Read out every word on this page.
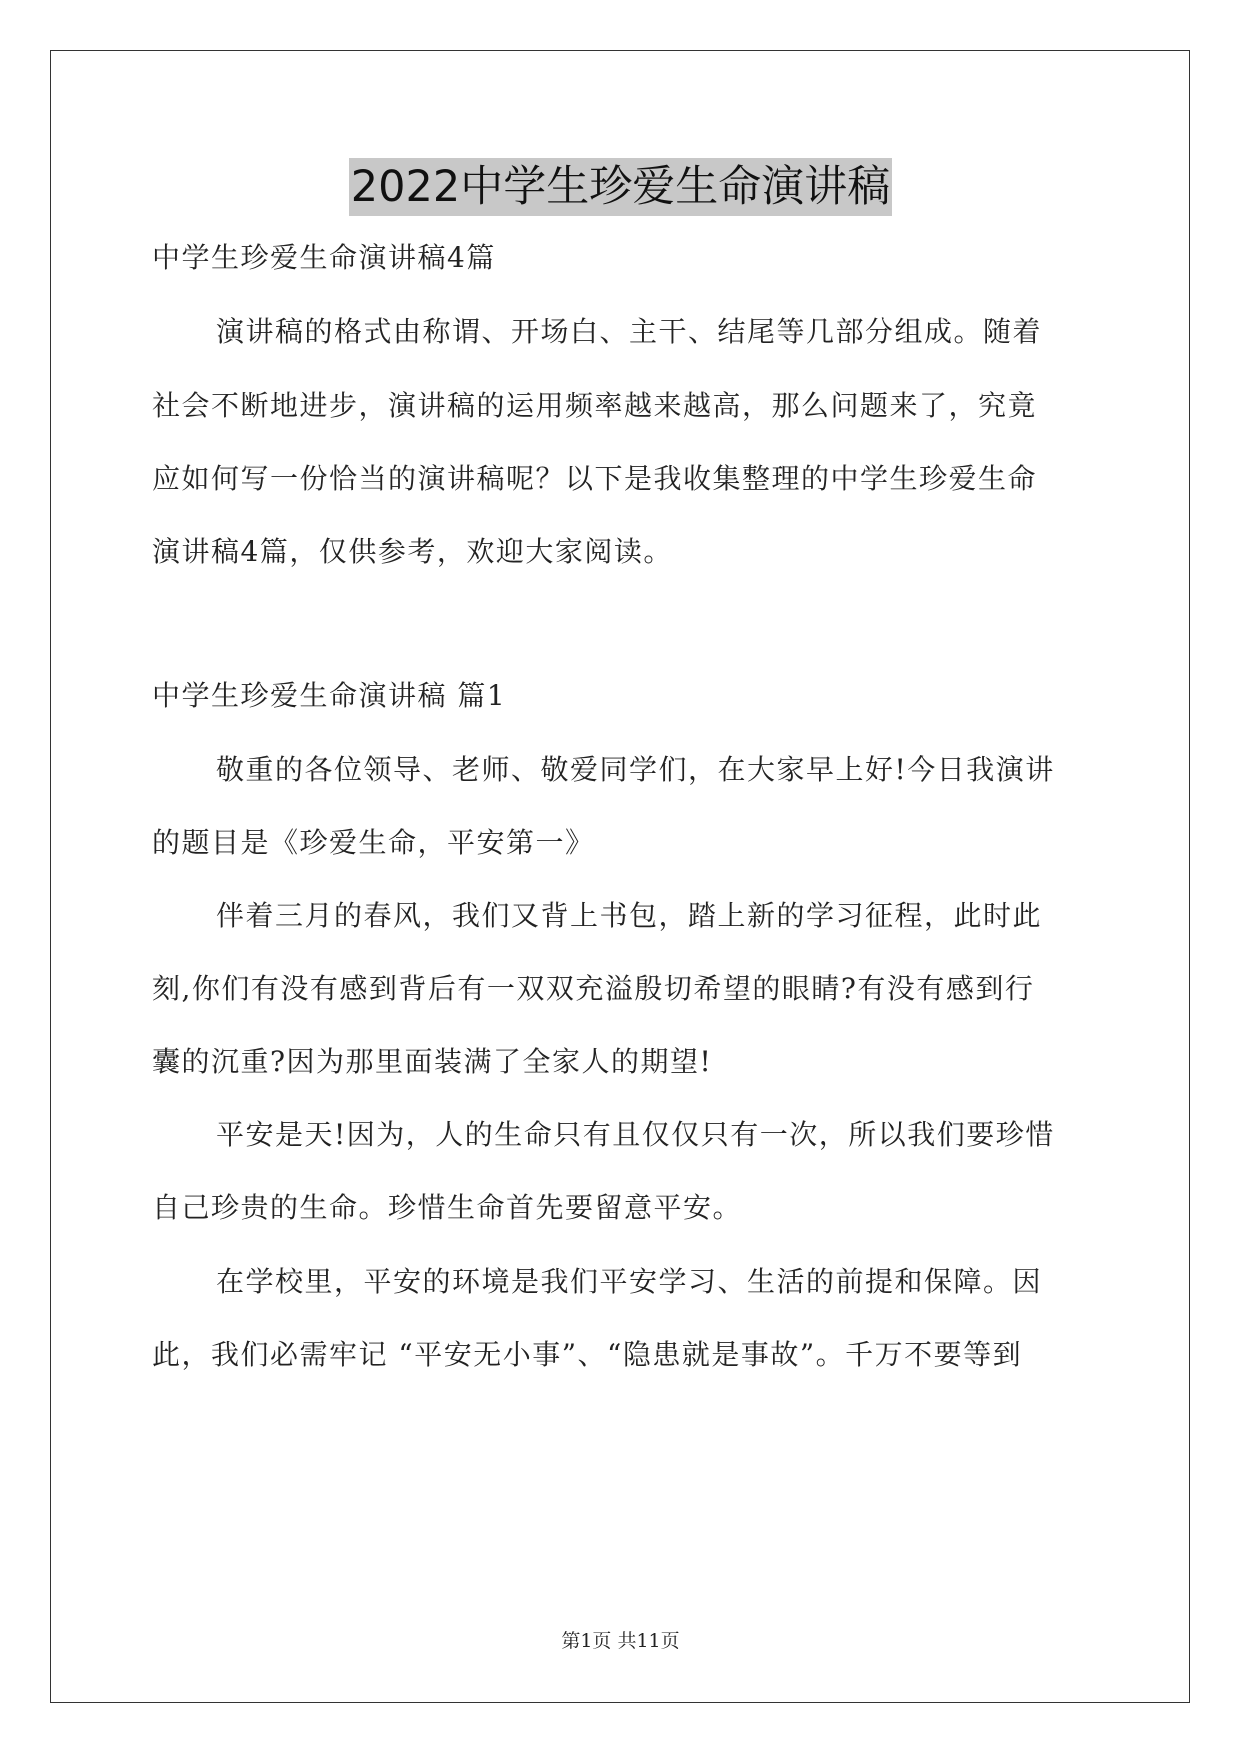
2022中学生珍爱生命演讲稿
中学生珍爱生命演讲稿4篇
演讲稿的格式由称谓、开场白、主干、结尾等几部分组成。随着
社会不断地进步，演讲稿的运用频率越来越高，那么问题来了，究竟
应如何写一份恰当的演讲稿呢？以下是我收集整理的中学生珍爱生命
演讲稿4篇，仅供参考，欢迎大家阅读。
中学生珍爱生命演讲稿 篇1
敬重的各位领导、老师、敬爱同学们，在大家早上好!今日我演讲
的题目是《珍爱生命，平安第一》
伴着三月的春风，我们又背上书包，踏上新的学习征程，此时此
刻,你们有没有感到背后有一双双充溢殷切希望的眼睛?有没有感到行
囊的沉重?因为那里面装满了全家人的期望!
平安是天!因为，人的生命只有且仅仅只有一次，所以我们要珍惜
自己珍贵的生命。珍惜生命首先要留意平安。
在学校里，平安的环境是我们平安学习、生活的前提和保障。因
此，我们必需牢记 “平安无小事”、“隐患就是事故”。千万不要等到
第1页 共11页
